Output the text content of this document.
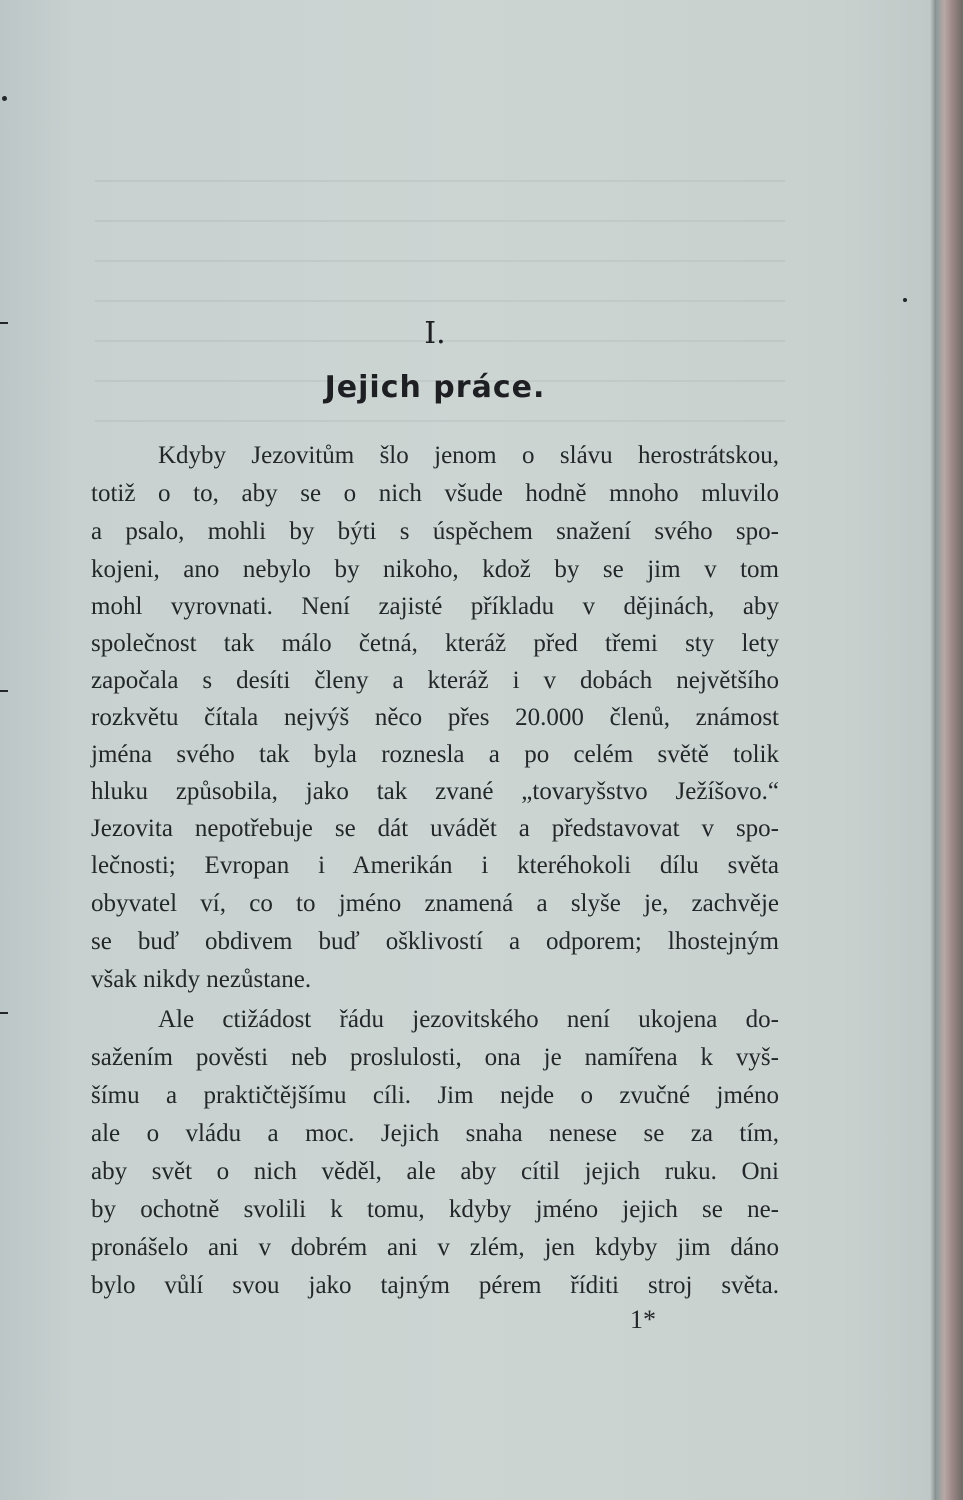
I.
Jejich práce.
Kdyby Jezovitům šlo jenom o slávu herostrátskou,
totiž o to, aby se o nich všude hodně mnoho mluvilo
a psalo, mohli by býti s úspěchem snažení svého spo-
kojeni, ano nebylo by nikoho, kdož by se jim v tom
mohl vyrovnati. Není zajisté příkladu v dějinách, aby
společnost tak málo četná, kteráž před třemi sty lety
započala s desíti členy a kteráž i v dobách největšího
rozkvětu čítala nejvýš něco přes 20.000 členů, známost
jména svého tak byla roznesla a po celém světě tolik
hluku způsobila, jako tak zvané „tovaryšstvo Ježíšovo.“
Jezovita nepotřebuje se dát uvádět a představovat v spo-
lečnosti; Evropan i Amerikán i kteréhokoli dílu světa
obyvatel ví, co to jméno znamená a slyše je, zachvěje
se buď obdivem buď ošklivostí a odporem; lhostejným
však nikdy nezůstane.
Ale ctižádost řádu jezovitského není ukojena do-
sažením pověsti neb proslulosti, ona je namířena k vyš-
šímu a praktičtějšímu cíli. Jim nejde o zvučné jméno
ale o vládu a moc. Jejich snaha nenese se za tím,
aby svět o nich věděl, ale aby cítil jejich ruku. Oni
by ochotně svolili k tomu, kdyby jméno jejich se ne-
pronášelo ani v dobrém ani v zlém, jen kdyby jim dáno
bylo vůlí svou jako tajným pérem říditi stroj světa.
1*
